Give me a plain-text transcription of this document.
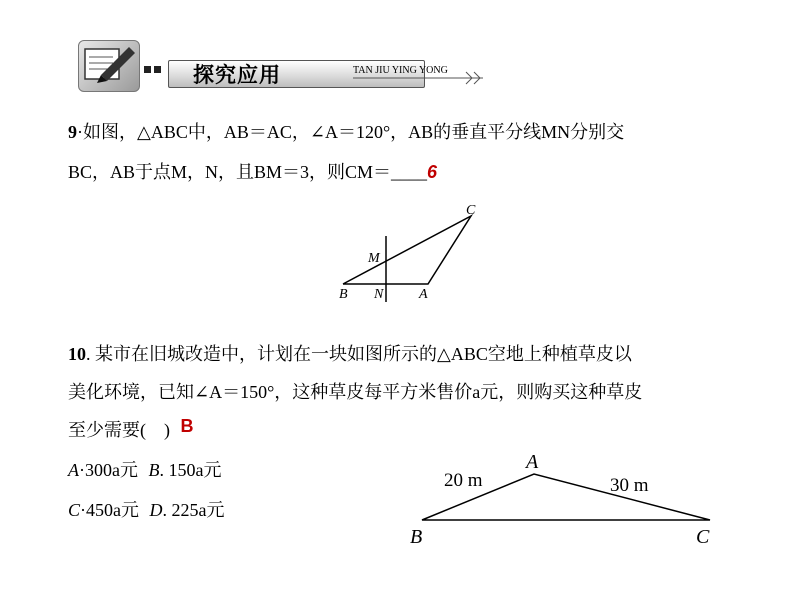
探究应用	TAN JIU YING YONG
9·如图，△ABC中，AB＝AC，∠A＝120°，AB的垂直平分线MN分别交
BC，AB于点M，N，且BM＝3，则CM＝____6
C
M
B N	A
10. 某市在旧城改造中，计划在一块如图所示的△ABC空地上种植草皮以
美化环境，已知∠A＝150°，这种草皮每平方米售价a元，则购买这种草皮
至少需要(　) B
A·300a元 B. 150a元
C·450a元 D. 225a元
A
B	C
20 m	30 m
